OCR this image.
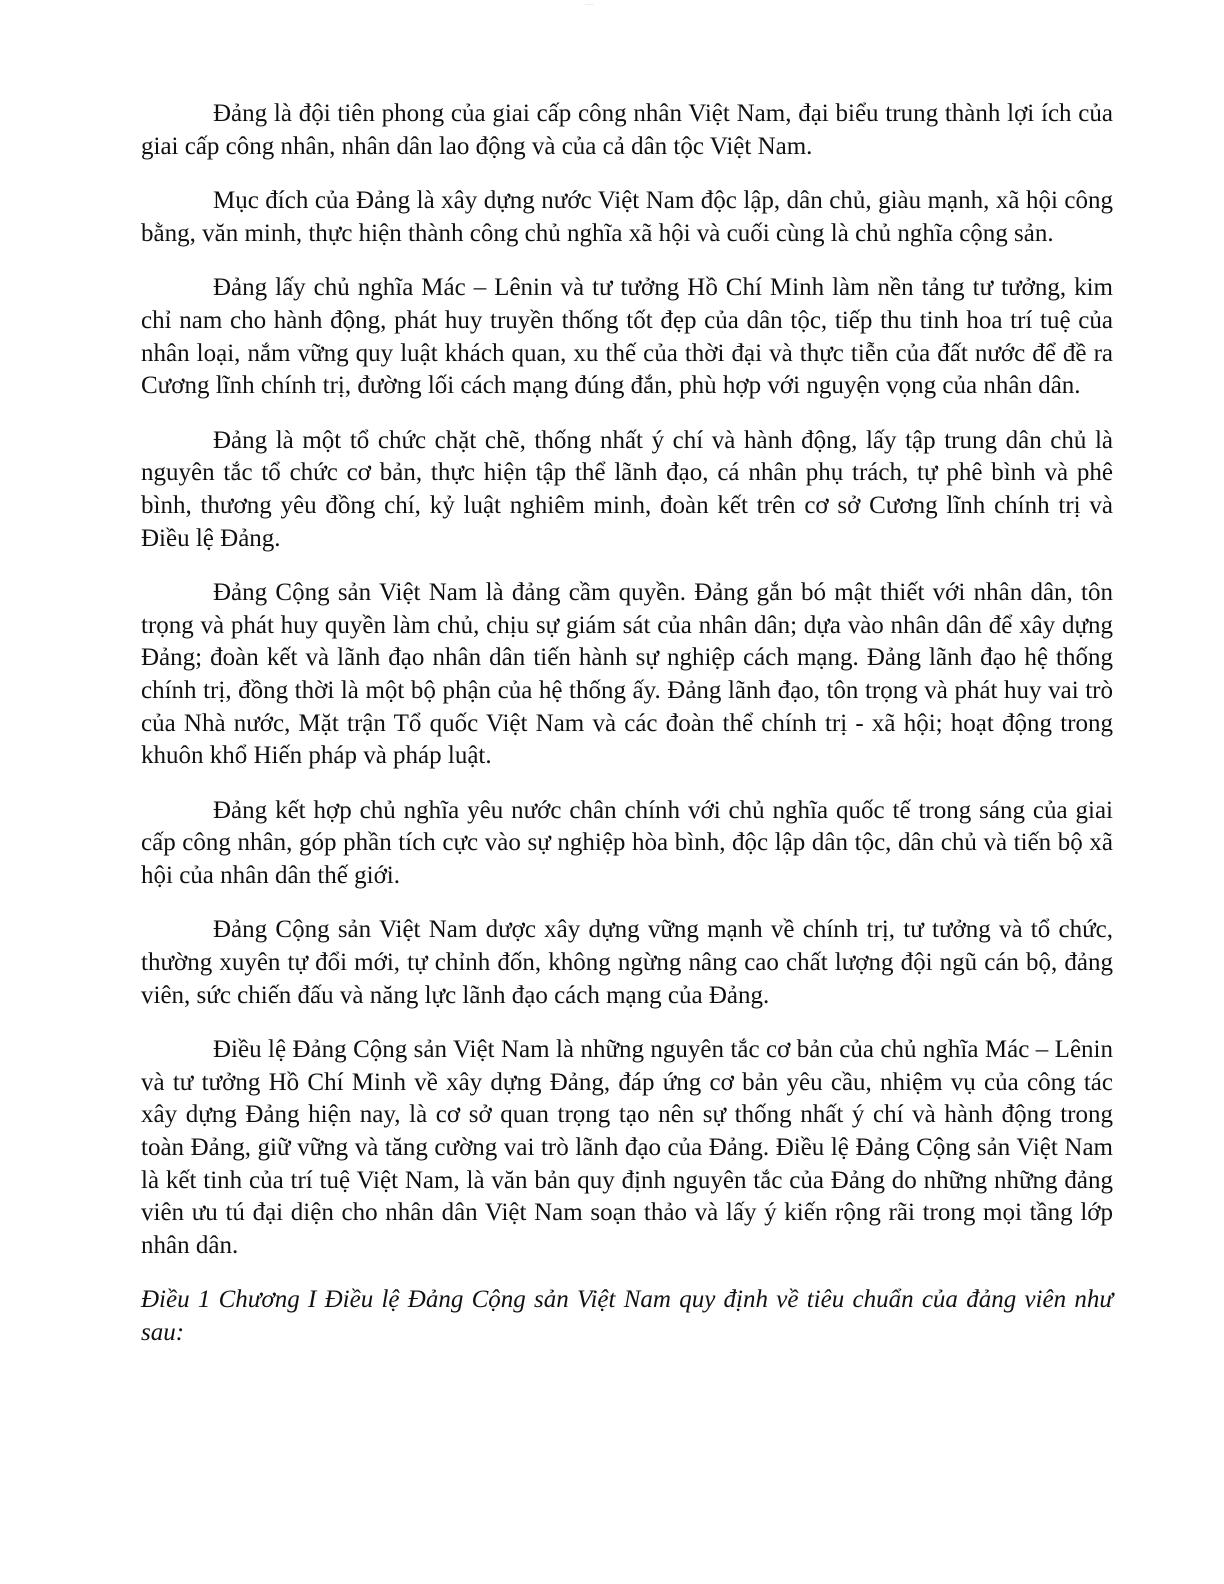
———

Đảng là đội tiên phong của giai cấp công nhân Việt Nam, đại biểu trung thành lợi ích của giai cấp công nhân, nhân dân lao động và của cả dân tộc Việt Nam.

Mục đích của Đảng là xây dựng nước Việt Nam độc lập, dân chủ, giàu mạnh, xã hội công bằng, văn minh, thực hiện thành công chủ nghĩa xã hội và cuối cùng là chủ nghĩa cộng sản.

Đảng lấy chủ nghĩa Mác – Lênin và tư tưởng Hồ Chí Minh làm nền tảng tư tưởng, kim chỉ nam cho hành động, phát huy truyền thống tốt đẹp của dân tộc, tiếp thu tinh hoa trí tuệ của nhân loại, nắm vững quy luật khách quan, xu thế của thời đại và thực tiễn của đất nước để đề ra Cương lĩnh chính trị, đường lối cách mạng đúng đắn, phù hợp với nguyện vọng của nhân dân.

Đảng là một tổ chức chặt chẽ, thống nhất ý chí và hành động, lấy tập trung dân chủ là nguyên tắc tổ chức cơ bản, thực hiện tập thể lãnh đạo, cá nhân phụ trách, tự phê bình và phê bình, thương yêu đồng chí, kỷ luật nghiêm minh, đoàn kết trên cơ sở Cương lĩnh chính trị và Điều lệ Đảng.

Đảng Cộng sản Việt Nam là đảng cầm quyền. Đảng gắn bó mật thiết với nhân dân, tôn trọng và phát huy quyền làm chủ, chịu sự giám sát của nhân dân; dựa vào nhân dân để xây dựng Đảng; đoàn kết và lãnh đạo nhân dân tiến hành sự nghiệp cách mạng. Đảng lãnh đạo hệ thống chính trị, đồng thời là một bộ phận của hệ thống ấy. Đảng lãnh đạo, tôn trọng và phát huy vai trò của Nhà nước, Mặt trận Tổ quốc Việt Nam và các đoàn thể chính trị - xã hội; hoạt động trong khuôn khổ Hiến pháp và pháp luật.

Đảng kết hợp chủ nghĩa yêu nước chân chính với chủ nghĩa quốc tế trong sáng của giai cấp công nhân, góp phần tích cực vào sự nghiệp hòa bình, độc lập dân tộc, dân chủ và tiến bộ xã hội của nhân dân thế giới.

Đảng Cộng sản Việt Nam dược xây dựng vững mạnh về chính trị, tư tưởng và tổ chức, thường xuyên tự đổi mới, tự chỉnh đốn, không ngừng nâng cao chất lượng đội ngũ cán bộ, đảng viên, sức chiến đấu và năng lực lãnh đạo cách mạng của Đảng.

Điều lệ Đảng Cộng sản Việt Nam là những nguyên tắc cơ bản của chủ nghĩa Mác – Lênin và tư tưởng Hồ Chí Minh về xây dựng Đảng, đáp ứng cơ bản yêu cầu, nhiệm vụ của công tác xây dựng Đảng hiện nay, là cơ sở quan trọng tạo nên sự thống nhất ý chí và hành động trong toàn Đảng, giữ vững và tăng cường vai trò lãnh đạo của Đảng. Điều lệ Đảng Cộng sản Việt Nam là kết tinh của trí tuệ Việt Nam, là văn bản quy định nguyên tắc của Đảng do những những đảng viên ưu tú đại diện cho nhân dân Việt Nam soạn thảo và lấy ý kiến rộng rãi trong mọi tầng lớp nhân dân.

Điều 1 Chương I Điều lệ Đảng Cộng sản Việt Nam quy định về tiêu chuẩn của đảng viên như sau:
